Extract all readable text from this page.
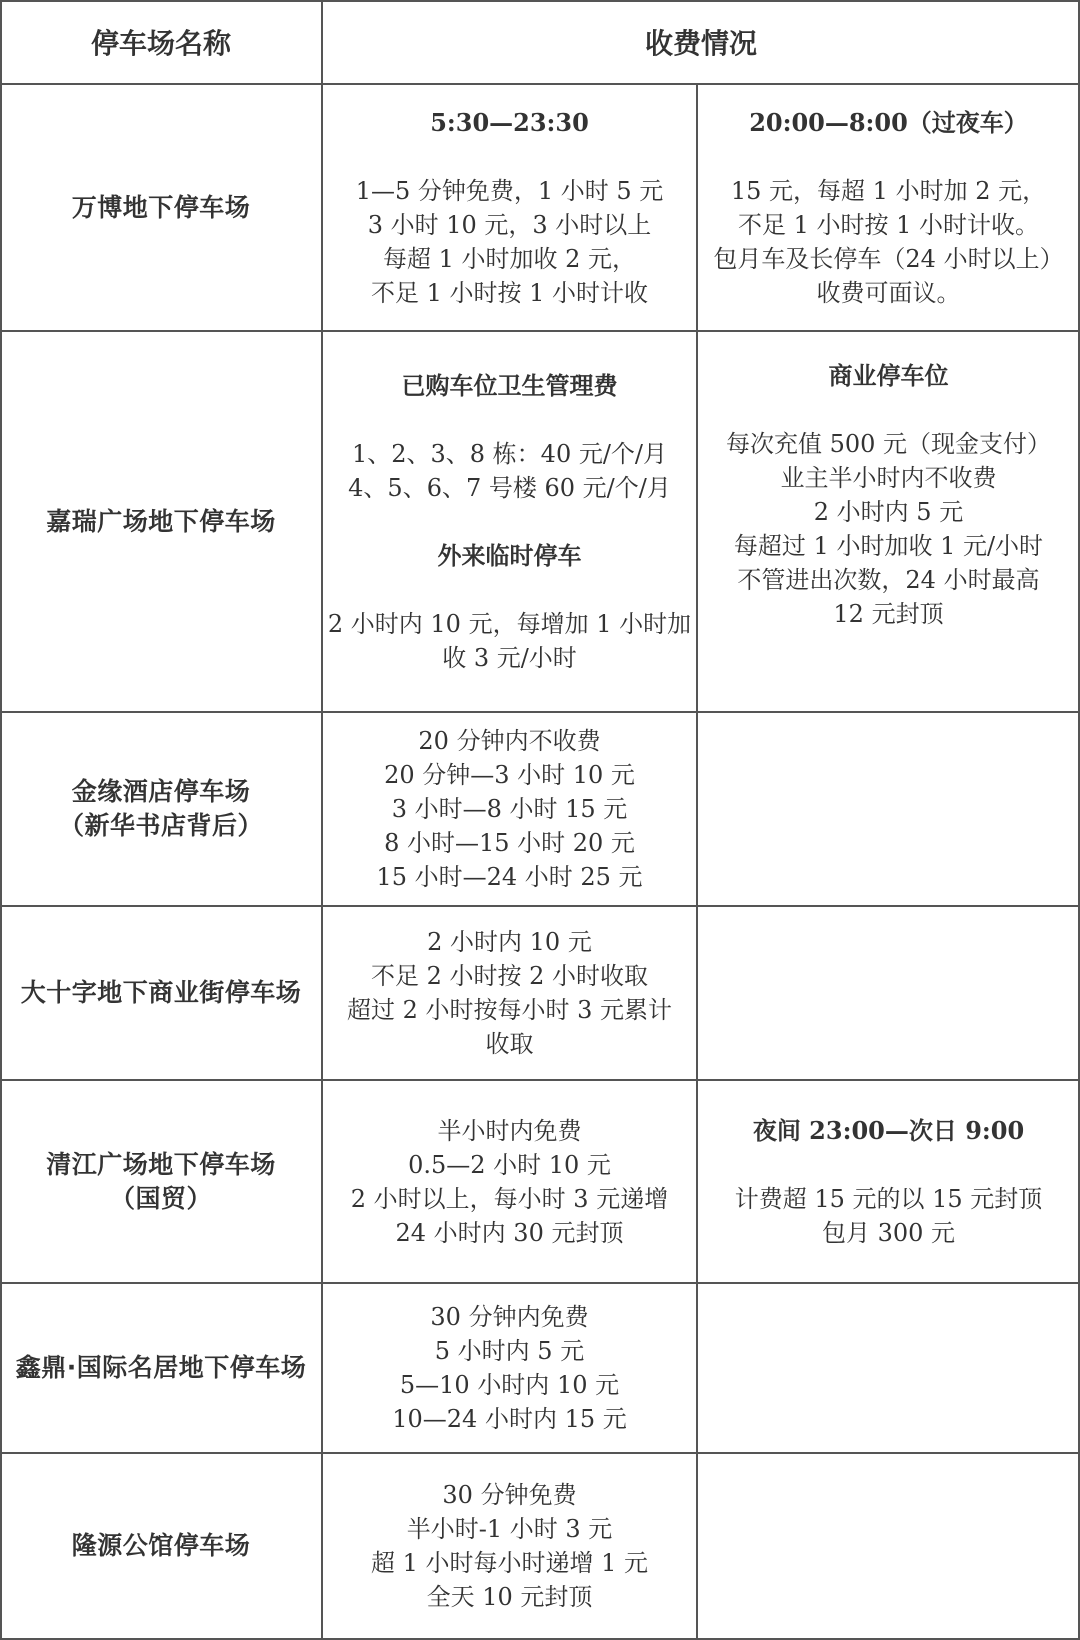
停车场名称	收费情况
万博地下停车场
5:30—23:30
1—5 分钟免费，1 小时 5 元
3 小时 10 元，3 小时以上
每超 1 小时加收 2 元，
不足 1 小时按 1 小时计收
20:00—8:00（过夜车）
15 元，每超 1 小时加 2 元，
不足 1 小时按 1 小时计收。
包月车及长停车（24 小时以上）
收费可面议。
嘉瑞广场地下停车场
已购车位卫生管理费
1、2、3、8 栋：40 元/个/月
4、5、6、7 号楼 60 元/个/月
外来临时停车
2 小时内 10 元，每增加 1 小时加
收 3 元/小时
商业停车位
每次充值 500 元（现金支付）
业主半小时内不收费
2 小时内 5 元
每超过 1 小时加收 1 元/小时
不管进出次数，24 小时最高
12 元封顶
金缘酒店停车场
（新华书店背后）
20 分钟内不收费
20 分钟—3 小时 10 元
3 小时—8 小时 15 元
8 小时—15 小时 20 元
15 小时—24 小时 25 元
大十字地下商业街停车场
2 小时内 10 元
不足 2 小时按 2 小时收取
超过 2 小时按每小时 3 元累计
收取
清江广场地下停车场
（国贸）
半小时内免费
0.5—2 小时 10 元
2 小时以上，每小时 3 元递增
24 小时内 30 元封顶
夜间 23:00—次日 9:00
计费超 15 元的以 15 元封顶
包月 300 元
鑫鼎·国际名居地下停车场
30 分钟内免费
5 小时内 5 元
5—10 小时内 10 元
10—24 小时内 15 元
隆源公馆停车场
30 分钟免费
半小时-1 小时 3 元
超 1 小时每小时递增 1 元
全天 10 元封顶
